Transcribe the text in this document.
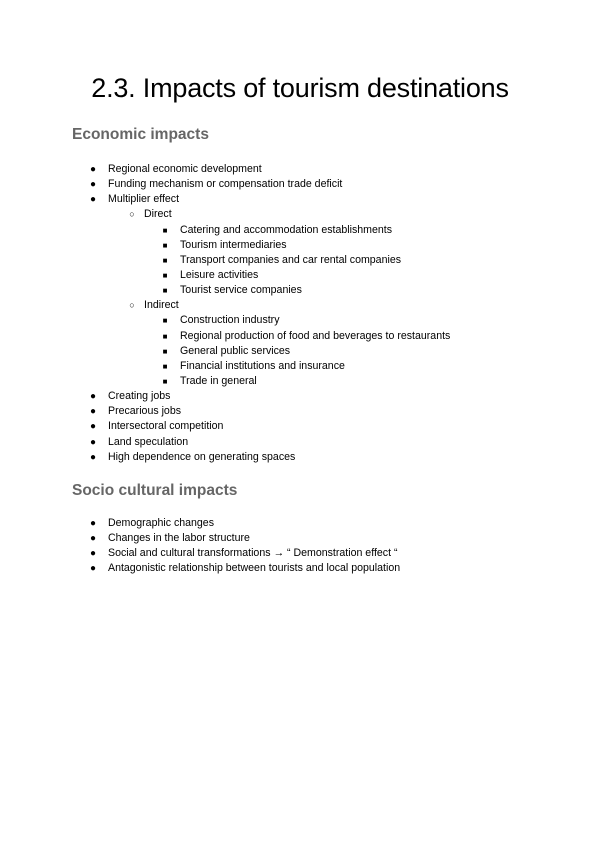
2.3. Impacts of tourism destinations
Economic impacts
● Regional economic development
● Funding mechanism or compensation trade deficit
● Multiplier effect
○ Direct
■ Catering and accommodation establishments
■ Tourism intermediaries
■ Transport companies and car rental companies
■ Leisure activities
■ Tourist service companies
○ Indirect
■ Construction industry
■ Regional production of food and beverages to restaurants
■ General public services
■ Financial institutions and insurance
■ Trade in general
● Creating jobs
● Precarious jobs
● Intersectoral competition
● Land speculation
● High dependence on generating spaces
Socio cultural impacts
● Demographic changes
● Changes in the labor structure
● Social and cultural transformations → “ Demonstration effect “
● Antagonistic relationship between tourists and local population
